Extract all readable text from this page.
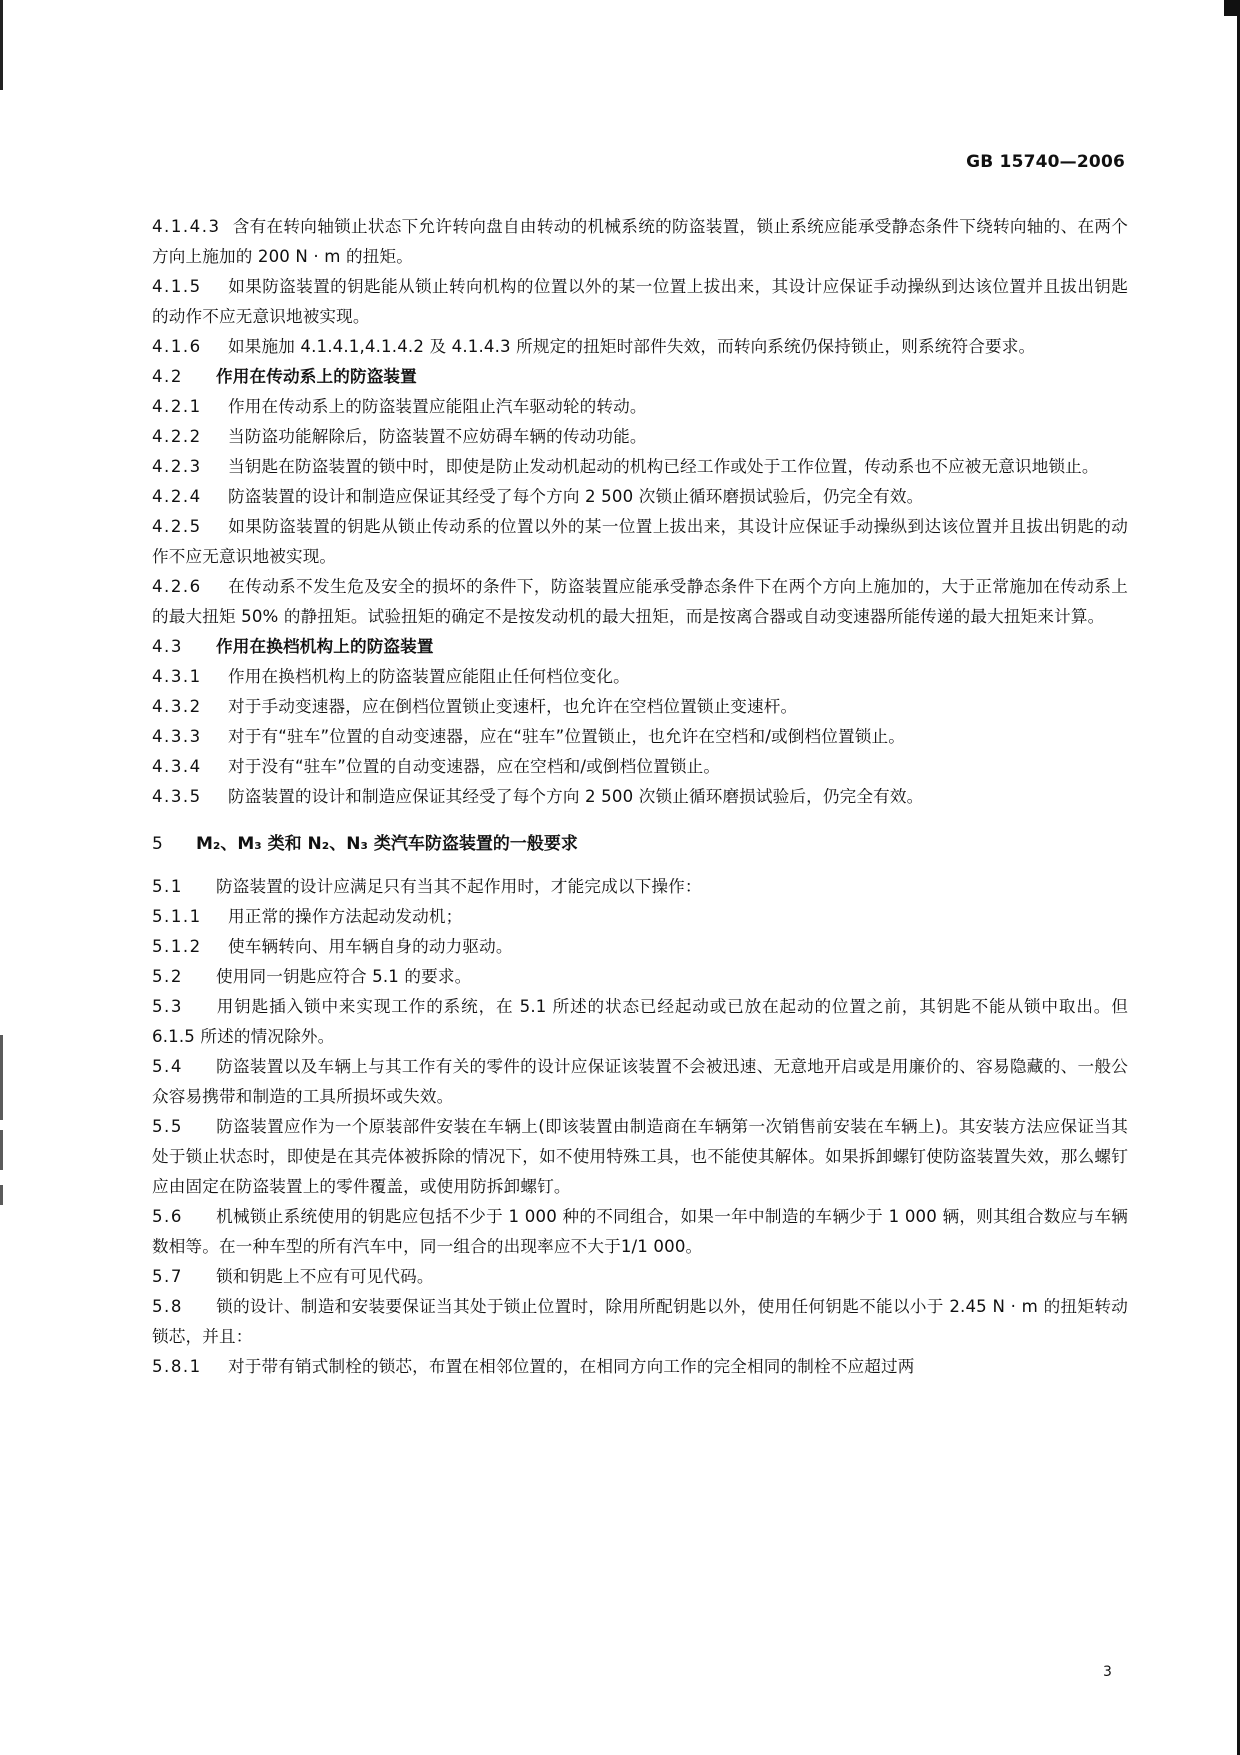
GB 15740—2006

4.1.4.3 含有在转向轴锁止状态下允许转向盘自由转动的机械系统的防盗装置，锁止系统应能承受静态条件下绕转向轴的、在两个方向上施加的 200 N · m 的扭矩。

4.1.5 如果防盗装置的钥匙能从锁止转向机构的位置以外的某一位置上拔出来，其设计应保证手动操纵到达该位置并且拔出钥匙的动作不应无意识地被实现。

4.1.6 如果施加 4.1.4.1,4.1.4.2 及 4.1.4.3 所规定的扭矩时部件失效，而转向系统仍保持锁止，则系统符合要求。

4.2 作用在传动系上的防盗装置

4.2.1 作用在传动系上的防盗装置应能阻止汽车驱动轮的转动。

4.2.2 当防盗功能解除后，防盗装置不应妨碍车辆的传动功能。

4.2.3 当钥匙在防盗装置的锁中时，即使是防止发动机起动的机构已经工作或处于工作位置，传动系也不应被无意识地锁止。

4.2.4 防盗装置的设计和制造应保证其经受了每个方向 2 500 次锁止循环磨损试验后，仍完全有效。

4.2.5 如果防盗装置的钥匙从锁止传动系的位置以外的某一位置上拔出来，其设计应保证手动操纵到达该位置并且拔出钥匙的动作不应无意识地被实现。

4.2.6 在传动系不发生危及安全的损坏的条件下，防盗装置应能承受静态条件下在两个方向上施加的，大于正常施加在传动系上的最大扭矩 50% 的静扭矩。试验扭矩的确定不是按发动机的最大扭矩，而是按离合器或自动变速器所能传递的最大扭矩来计算。

4.3 作用在换档机构上的防盗装置

4.3.1 作用在换档机构上的防盗装置应能阻止任何档位变化。

4.3.2 对于手动变速器，应在倒档位置锁止变速杆，也允许在空档位置锁止变速杆。

4.3.3 对于有“驻车”位置的自动变速器，应在“驻车”位置锁止，也允许在空档和/或倒档位置锁止。

4.3.4 对于没有“驻车”位置的自动变速器，应在空档和/或倒档位置锁止。

4.3.5 防盗装置的设计和制造应保证其经受了每个方向 2 500 次锁止循环磨损试验后，仍完全有效。

5 M₂、M₃ 类和 N₂、N₃ 类汽车防盗装置的一般要求

5.1 防盗装置的设计应满足只有当其不起作用时，才能完成以下操作：

5.1.1 用正常的操作方法起动发动机；

5.1.2 使车辆转向、用车辆自身的动力驱动。

5.2 使用同一钥匙应符合 5.1 的要求。

5.3 用钥匙插入锁中来实现工作的系统，在 5.1 所述的状态已经起动或已放在起动的位置之前，其钥匙不能从锁中取出。但 6.1.5 所述的情况除外。

5.4 防盗装置以及车辆上与其工作有关的零件的设计应保证该装置不会被迅速、无意地开启或是用廉价的、容易隐藏的、一般公众容易携带和制造的工具所损坏或失效。

5.5 防盗装置应作为一个原装部件安装在车辆上(即该装置由制造商在车辆第一次销售前安装在车辆上)。其安装方法应保证当其处于锁止状态时，即使是在其壳体被拆除的情况下，如不使用特殊工具，也不能使其解体。如果拆卸螺钉使防盗装置失效，那么螺钉应由固定在防盗装置上的零件覆盖，或使用防拆卸螺钉。

5.6 机械锁止系统使用的钥匙应包括不少于 1 000 种的不同组合，如果一年中制造的车辆少于 1 000 辆，则其组合数应与车辆数相等。在一种车型的所有汽车中，同一组合的出现率应不大于1/1 000。

5.7 锁和钥匙上不应有可见代码。

5.8 锁的设计、制造和安装要保证当其处于锁止位置时，除用所配钥匙以外，使用任何钥匙不能以小于 2.45 N · m 的扭矩转动锁芯，并且：

5.8.1 对于带有销式制栓的锁芯，布置在相邻位置的，在相同方向工作的完全相同的制栓不应超过两

3
